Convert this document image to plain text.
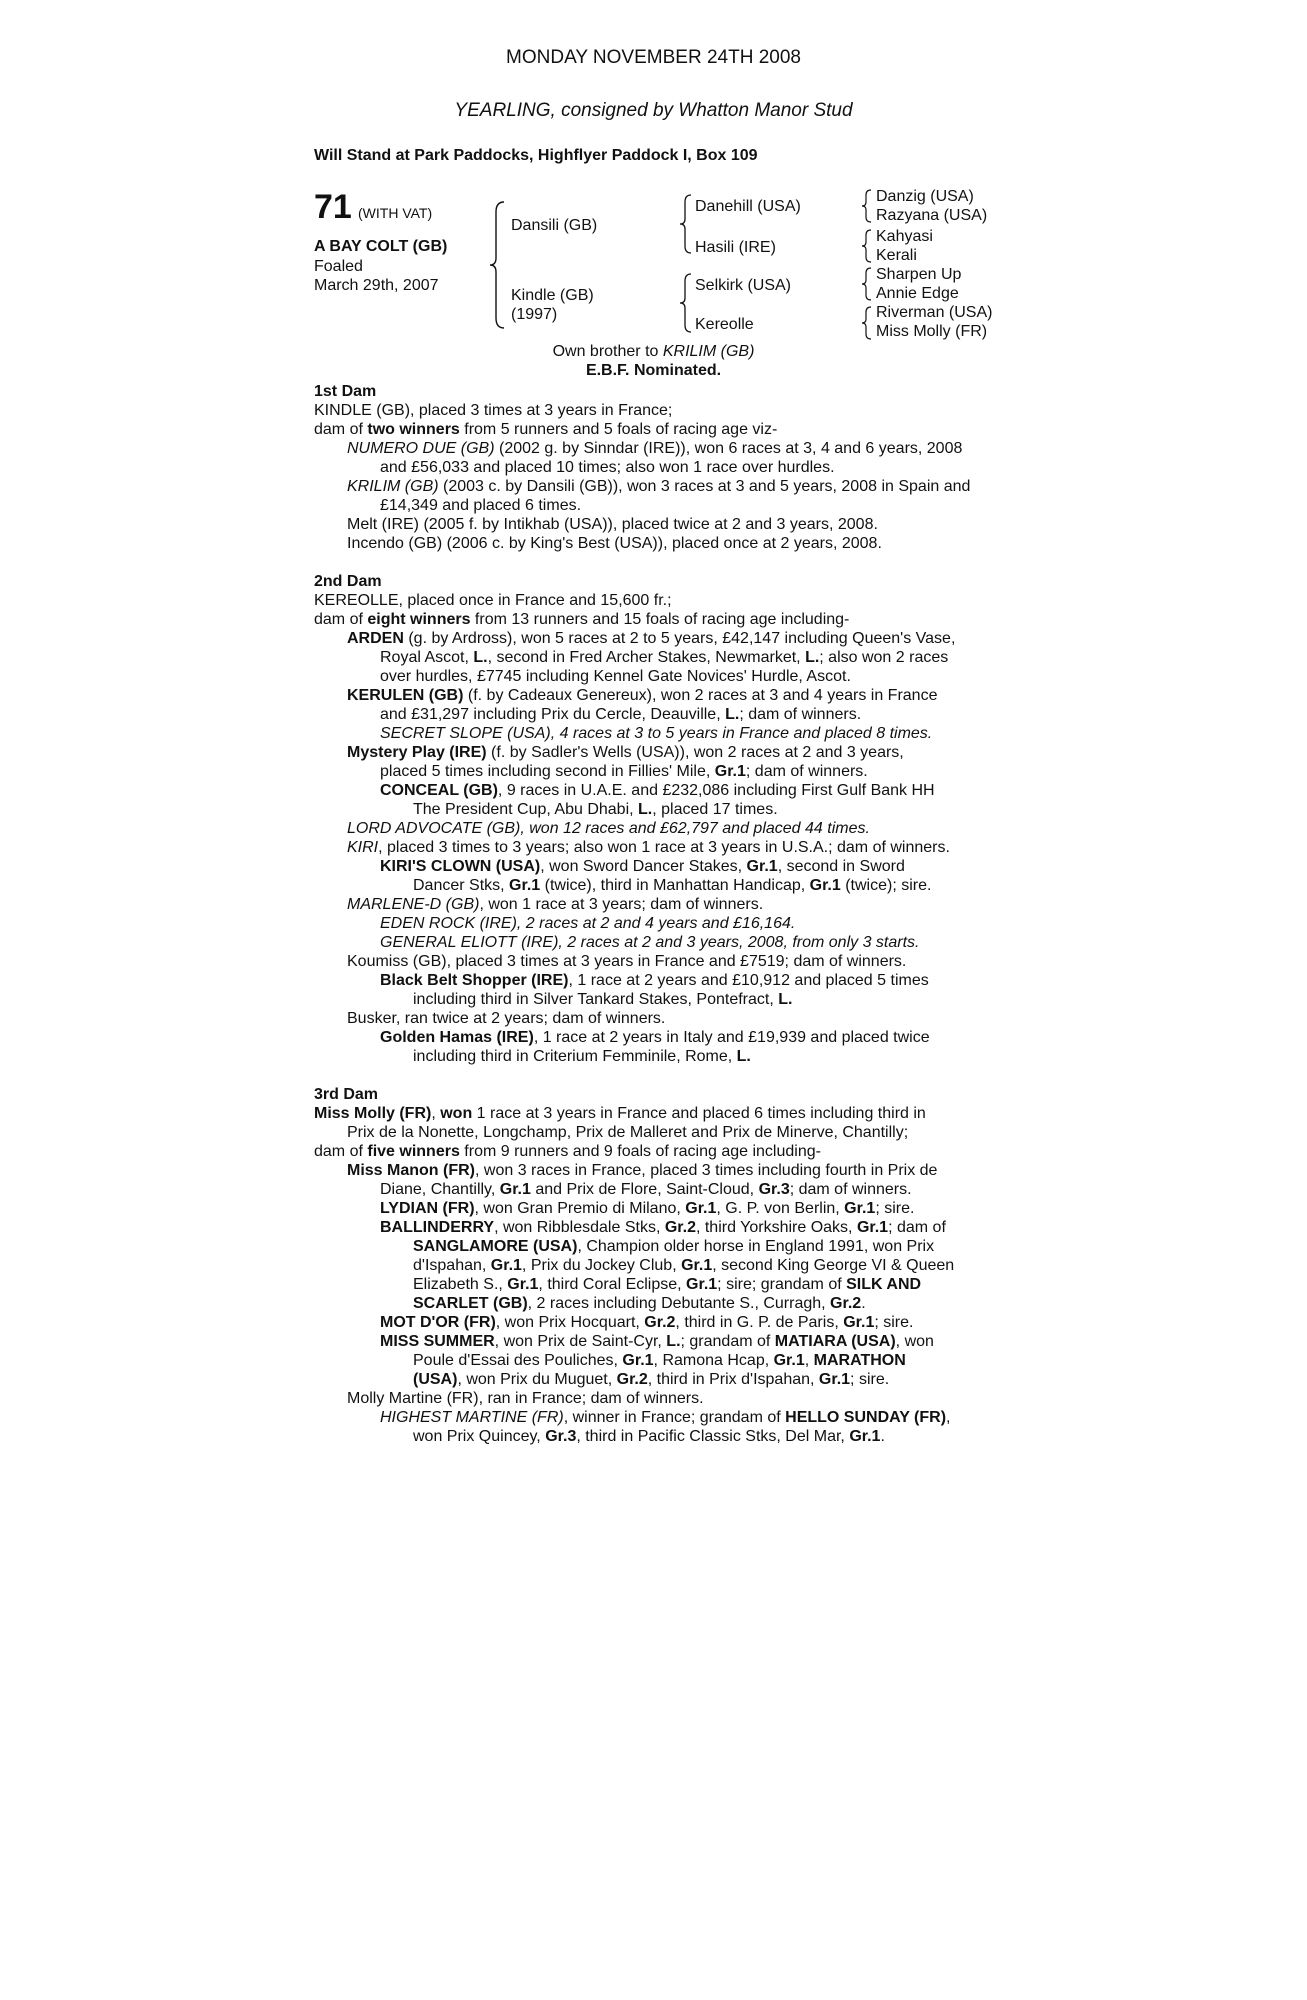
MONDAY NOVEMBER 24TH 2008
YEARLING, consigned by Whatton Manor Stud
Will Stand at Park Paddocks, Highflyer Paddock I, Box 109
71 (WITH VAT)
A BAY COLT (GB)
Foaled
March 29th, 2007
Dansili (GB)
Kindle (GB)
(1997)
Danehill (USA)
Hasili (IRE)
Selkirk (USA)
Kereolle
Danzig (USA)
Razyana (USA)
Kahyasi
Kerali
Sharpen Up
Annie Edge
Riverman (USA)
Miss Molly (FR)
Own brother to KRILIM (GB)
E.B.F. Nominated.
1st Dam
KINDLE (GB), placed 3 times at 3 years in France;
dam of two winners from 5 runners and 5 foals of racing age viz-
NUMERO DUE (GB) (2002 g. by Sinndar (IRE)), won 6 races at 3, 4 and 6 years, 2008
and £56,033 and placed 10 times; also won 1 race over hurdles.
KRILIM (GB) (2003 c. by Dansili (GB)), won 3 races at 3 and 5 years, 2008 in Spain and
£14,349 and placed 6 times.
Melt (IRE) (2005 f. by Intikhab (USA)), placed twice at 2 and 3 years, 2008.
Incendo (GB) (2006 c. by King's Best (USA)), placed once at 2 years, 2008.
2nd Dam
KEREOLLE, placed once in France and 15,600 fr.;
dam of eight winners from 13 runners and 15 foals of racing age including-
ARDEN (g. by Ardross), won 5 races at 2 to 5 years, £42,147 including Queen's Vase,
Royal Ascot, L., second in Fred Archer Stakes, Newmarket, L.; also won 2 races
over hurdles, £7745 including Kennel Gate Novices' Hurdle, Ascot.
KERULEN (GB) (f. by Cadeaux Genereux), won 2 races at 3 and 4 years in France
and £31,297 including Prix du Cercle, Deauville, L.; dam of winners.
SECRET SLOPE (USA), 4 races at 3 to 5 years in France and placed 8 times.
Mystery Play (IRE) (f. by Sadler's Wells (USA)), won 2 races at 2 and 3 years,
placed 5 times including second in Fillies' Mile, Gr.1; dam of winners.
CONCEAL (GB), 9 races in U.A.E. and £232,086 including First Gulf Bank HH
The President Cup, Abu Dhabi, L., placed 17 times.
LORD ADVOCATE (GB), won 12 races and £62,797 and placed 44 times.
KIRI, placed 3 times to 3 years; also won 1 race at 3 years in U.S.A.; dam of winners.
KIRI'S CLOWN (USA), won Sword Dancer Stakes, Gr.1, second in Sword
Dancer Stks, Gr.1 (twice), third in Manhattan Handicap, Gr.1 (twice); sire.
MARLENE-D (GB), won 1 race at 3 years; dam of winners.
EDEN ROCK (IRE), 2 races at 2 and 4 years and £16,164.
GENERAL ELIOTT (IRE), 2 races at 2 and 3 years, 2008, from only 3 starts.
Koumiss (GB), placed 3 times at 3 years in France and £7519; dam of winners.
Black Belt Shopper (IRE), 1 race at 2 years and £10,912 and placed 5 times
including third in Silver Tankard Stakes, Pontefract, L.
Busker, ran twice at 2 years; dam of winners.
Golden Hamas (IRE), 1 race at 2 years in Italy and £19,939 and placed twice
including third in Criterium Femminile, Rome, L.
3rd Dam
Miss Molly (FR), won 1 race at 3 years in France and placed 6 times including third in
Prix de la Nonette, Longchamp, Prix de Malleret and Prix de Minerve, Chantilly;
dam of five winners from 9 runners and 9 foals of racing age including-
Miss Manon (FR), won 3 races in France, placed 3 times including fourth in Prix de
Diane, Chantilly, Gr.1 and Prix de Flore, Saint-Cloud, Gr.3; dam of winners.
LYDIAN (FR), won Gran Premio di Milano, Gr.1, G. P. von Berlin, Gr.1; sire.
BALLINDERRY, won Ribblesdale Stks, Gr.2, third Yorkshire Oaks, Gr.1; dam of
SANGLAMORE (USA), Champion older horse in England 1991, won Prix
d'Ispahan, Gr.1, Prix du Jockey Club, Gr.1, second King George VI & Queen
Elizabeth S., Gr.1, third Coral Eclipse, Gr.1; sire; grandam of SILK AND
SCARLET (GB), 2 races including Debutante S., Curragh, Gr.2.
MOT D'OR (FR), won Prix Hocquart, Gr.2, third in G. P. de Paris, Gr.1; sire.
MISS SUMMER, won Prix de Saint-Cyr, L.; grandam of MATIARA (USA), won
Poule d'Essai des Pouliches, Gr.1, Ramona Hcap, Gr.1, MARATHON
(USA), won Prix du Muguet, Gr.2, third in Prix d'Ispahan, Gr.1; sire.
Molly Martine (FR), ran in France; dam of winners.
HIGHEST MARTINE (FR), winner in France; grandam of HELLO SUNDAY (FR),
won Prix Quincey, Gr.3, third in Pacific Classic Stks, Del Mar, Gr.1.
